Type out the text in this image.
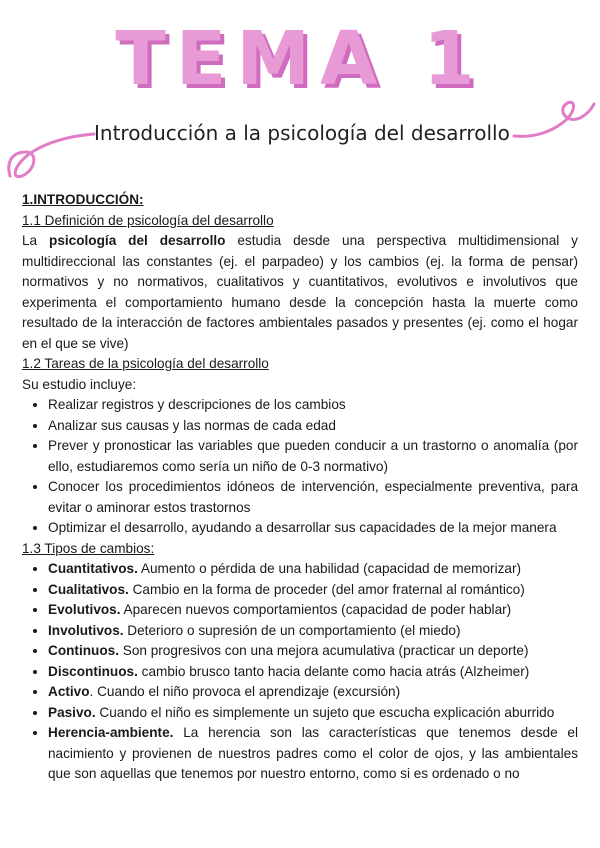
TEMA 1
Introducción a la psicología del desarrollo
1.INTRODUCCIÓN:
1.1 Definición de psicología del desarrollo

La psicología del desarrollo estudia desde una perspectiva multidimensional y multidireccional las constantes (ej. el parpadeo) y los cambios (ej. la forma de pensar) normativos y no normativos, cualitativos y cuantitativos, evolutivos e involutivos que experimenta el comportamiento humano desde la concepción hasta la muerte como resultado de la interacción de factores ambientales pasados y presentes (ej. como el hogar en el que se vive)

1.2 Tareas de la psicología del desarrollo
Su estudio incluye:
• Realizar registros y descripciones de los cambios
• Analizar sus causas y las normas de cada edad
• Prever y pronosticar las variables que pueden conducir a un trastorno o anomalía (por ello, estudiaremos como sería un niño de 0-3 normativo)
• Conocer los procedimientos idóneos de intervención, especialmente preventiva, para evitar o aminorar estos trastornos
• Optimizar el desarrollo, ayudando a desarrollar sus capacidades de la mejor manera
1.3 Tipos de cambios:
• Cuantitativos. Aumento o pérdida de una habilidad (capacidad de memorizar)
• Cualitativos. Cambio en la forma de proceder (del amor fraternal al romántico)
• Evolutivos. Aparecen nuevos comportamientos (capacidad de poder hablar)
• Involutivos. Deterioro o supresión de un comportamiento (el miedo)
• Continuos. Son progresivos con una mejora acumulativa (practicar un deporte)
• Discontinuos. cambio brusco tanto hacia delante como hacia atrás (Alzheimer)
• Activo. Cuando el niño provoca el aprendizaje (excursión)
• Pasivo. Cuando el niño es simplemente un sujeto que escucha explicación aburrido
• Herencia-ambiente. La herencia son las características que tenemos desde el nacimiento y provienen de nuestros padres como el color de ojos, y las ambientales que son aquellas que tenemos por nuestro entorno, como si es ordenado o no
